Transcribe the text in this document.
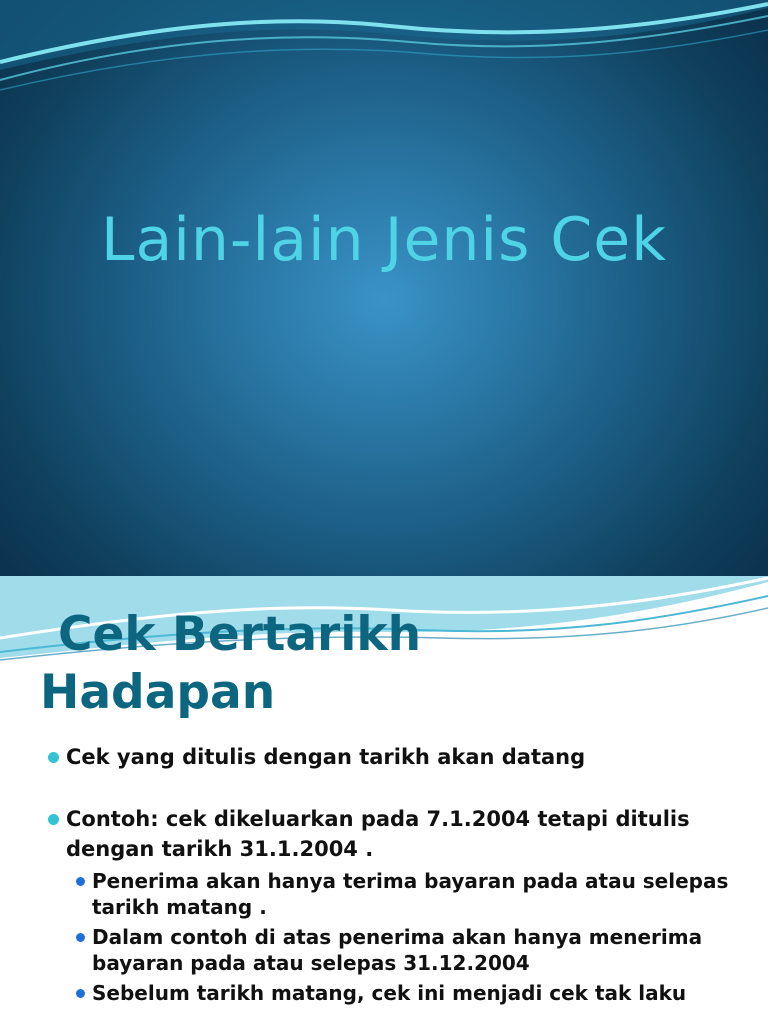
Lain-lain Jenis Cek
Cek Bertarikh
Hadapan
Cek yang ditulis dengan tarikh akan datang
Contoh: cek dikeluarkan pada 7.1.2004 tetapi ditulis dengan tarikh 31.1.2004 .
Penerima akan hanya terima bayaran pada atau selepas tarikh matang .
Dalam contoh di atas penerima akan hanya menerima bayaran pada atau selepas 31.12.2004
Sebelum tarikh matang, cek ini menjadi cek tak laku
